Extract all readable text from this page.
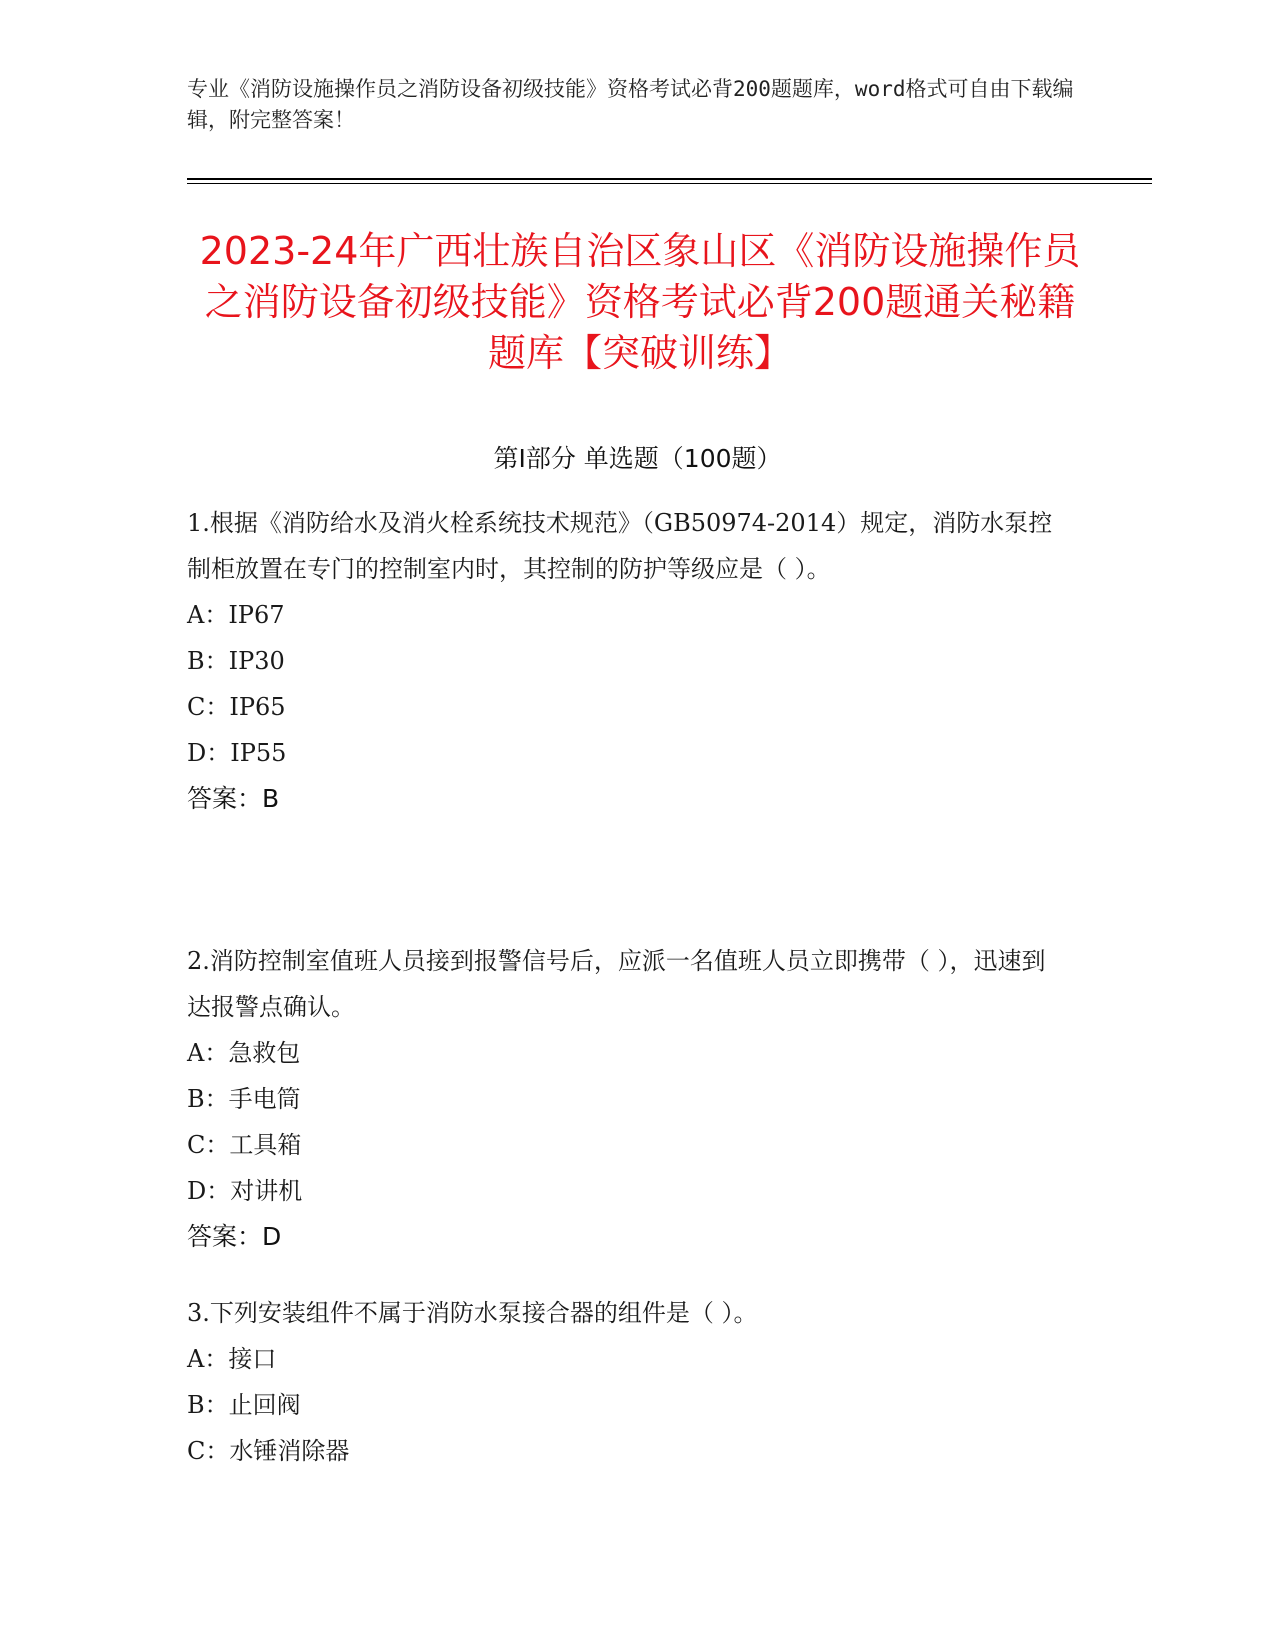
专业《消防设施操作员之消防设备初级技能》资格考试必背200题题库，word格式可自由下载编辑，附完整答案！
2023-24年广西壮族自治区象山区《消防设施操作员之消防设备初级技能》资格考试必背200题通关秘籍题库【突破训练】
第Ⅰ部分 单选题（100题）
1.根据《消防给水及消火栓系统技术规范》（GB50974-2014）规定，消防水泵控制柜放置在专门的控制室内时，其控制的防护等级应是（ ）。
A：IP67
B：IP30
C：IP65
D：IP55
答案：B
2.消防控制室值班人员接到报警信号后，应派一名值班人员立即携带（ ），迅速到达报警点确认。
A：急救包
B：手电筒
C：工具箱
D：对讲机
答案：D
3.下列安装组件不属于消防水泵接合器的组件是（ ）。
A：接口
B：止回阀
C：水锤消除器
